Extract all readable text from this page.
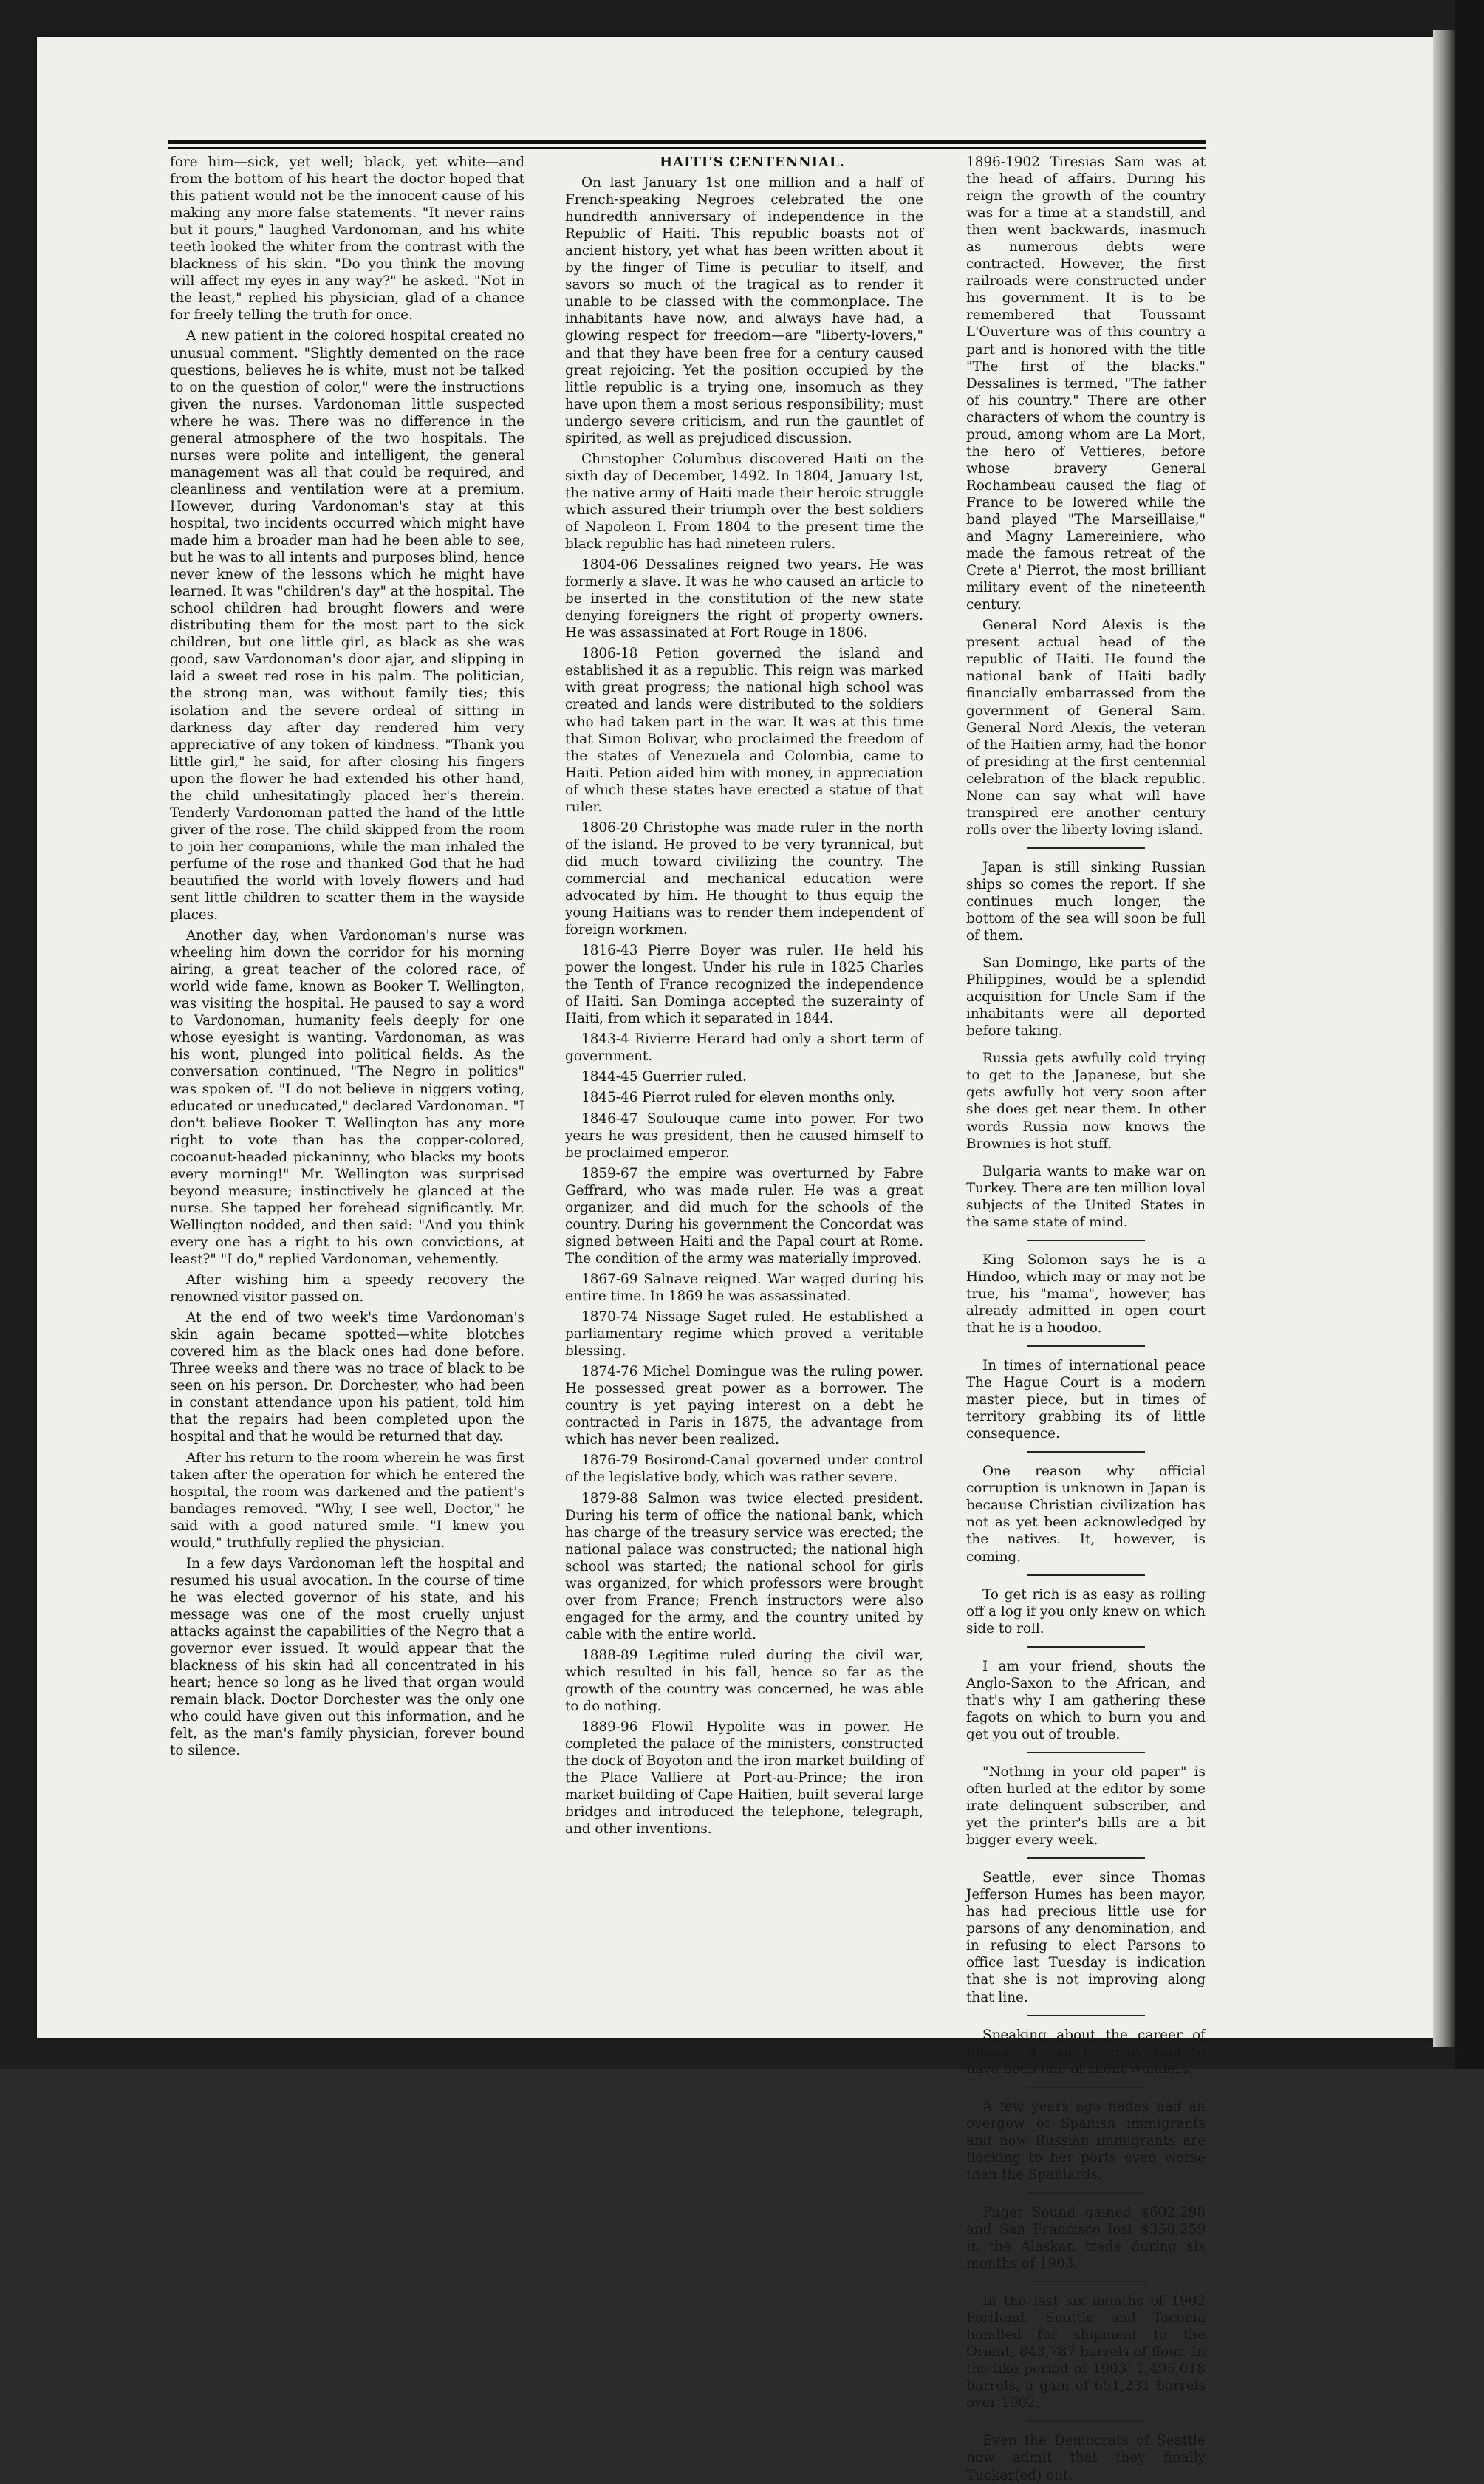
fore him—sick, yet well; black, yet white—and from the bottom of his heart the doctor hoped that this patient would not be the innocent cause of his making any more false statements. "It never rains but it pours," laughed Vardonoman, and his white teeth looked the whiter from the contrast with the blackness of his skin. "Do you think the moving will affect my eyes in any way?" he asked. "Not in the least," replied his physician, glad of a chance for freely telling the truth for once.

A new patient in the colored hospital created no unusual comment. "Slightly demented on the race questions, believes he is white, must not be talked to on the question of color," were the instructions given the nurses. Vardonoman little suspected where he was. There was no difference in the general atmosphere of the two hospitals. The nurses were polite and intelligent, the general management was all that could be required, and cleanliness and ventilation were at a premium. However, during Vardonoman's stay at this hospital, two incidents occurred which might have made him a broader man had he been able to see, but he was to all intents and purposes blind, hence never knew of the lessons which he might have learned. It was "children's day" at the hospital. The school children had brought flowers and were distributing them for the most part to the sick children, but one little girl, as black as she was good, saw Vardonoman's door ajar, and slipping in laid a sweet red rose in his palm. The politician, the strong man, was without family ties; this isolation and the severe ordeal of sitting in darkness day after day rendered him very appreciative of any token of kindness. "Thank you little girl," he said, for after closing his fingers upon the flower he had extended his other hand, the child unhesitatingly placed her's therein. Tenderly Vardonoman patted the hand of the little giver of the rose. The child skipped from the room to join her companions, while the man inhaled the perfume of the rose and thanked God that he had beautified the world with lovely flowers and had sent little children to scatter them in the wayside places.

Another day, when Vardonoman's nurse was wheeling him down the corridor for his morning airing, a great teacher of the colored race, of world wide fame, known as Booker T. Wellington, was visiting the hospital. He paused to say a word to Vardonoman, humanity feels deeply for one whose eyesight is wanting. Vardonoman, as was his wont, plunged into political fields. As the conversation continued, "The Negro in politics" was spoken of. "I do not believe in niggers voting, educated or uneducated," declared Vardonoman. "I don't believe Booker T. Wellington has any more right to vote than has the copper-colored, cocoanut-headed pickaninny, who blacks my boots every morning!" Mr. Wellington was surprised beyond measure; instinctively he glanced at the nurse. She tapped her forehead significantly. Mr. Wellington nodded, and then said: "And you think every one has a right to his own convictions, at least?" "I do," replied Vardonoman, vehemently.

After wishing him a speedy recovery the renowned visitor passed on.

At the end of two week's time Vardonoman's skin again became spotted—white blotches covered him as the black ones had done before. Three weeks and there was no trace of black to be seen on his person. Dr. Dorchester, who had been in constant attendance upon his patient, told him that the repairs had been completed upon the hospital and that he would be returned that day.

After his return to the room wherein he was first taken after the operation for which he entered the hospital, the room was darkened and the patient's bandages removed. "Why, I see well, Doctor," he said with a good natured smile. "I knew you would," truthfully replied the physician.

In a few days Vardonoman left the hospital and resumed his usual avocation. In the course of time he was elected governor of his state, and his message was one of the most cruelly unjust attacks against the capabilities of the Negro that a governor ever issued. It would appear that the blackness of his skin had all concentrated in his heart; hence so long as he lived that organ would remain black. Doctor Dorchester was the only one who could have given out this information, and he felt, as the man's family physician, forever bound to silence.

HAITI'S CENTENNIAL.

On last January 1st one million and a half of French-speaking Negroes celebrated the one hundredth anniversary of independence in the Republic of Haiti. This republic boasts not of ancient history, yet what has been written about it by the finger of Time is peculiar to itself, and savors so much of the tragical as to render it unable to be classed with the commonplace. The inhabitants have now, and always have had, a glowing respect for freedom—are "liberty-lovers," and that they have been free for a century caused great rejoicing. Yet the position occupied by the little republic is a trying one, insomuch as they have upon them a most serious responsibility; must undergo severe criticism, and run the gauntlet of spirited, as well as prejudiced discussion.

Christopher Columbus discovered Haiti on the sixth day of December, 1492. In 1804, January 1st, the native army of Haiti made their heroic struggle which assured their triumph over the best soldiers of Napoleon I. From 1804 to the present time the black republic has had nineteen rulers.

1804-06 Dessalines reigned two years. He was formerly a slave. It was he who caused an article to be inserted in the constitution of the new state denying foreigners the right of property owners. He was assassinated at Fort Rouge in 1806.

1806-18 Petion governed the island and established it as a republic. This reign was marked with great progress; the national high school was created and lands were distributed to the soldiers who had taken part in the war. It was at this time that Simon Bolivar, who proclaimed the freedom of the states of Venezuela and Colombia, came to Haiti. Petion aided him with money, in appreciation of which these states have erected a statue of that ruler.

1806-20 Christophe was made ruler in the north of the island. He proved to be very tyrannical, but did much toward civilizing the country. The commercial and mechanical education were advocated by him. He thought to thus equip the young Haitians was to render them independent of foreign workmen.

1816-43 Pierre Boyer was ruler. He held his power the longest. Under his rule in 1825 Charles the Tenth of France recognized the independence of Haiti. San Dominga accepted the suzerainty of Haiti, from which it separated in 1844.

1843-4 Rivierre Herard had only a short term of government.

1844-45 Guerrier ruled.

1845-46 Pierrot ruled for eleven months only.

1846-47 Soulouque came into power. For two years he was president, then he caused himself to be proclaimed emperor.

1859-67 the empire was overturned by Fabre Geffrard, who was made ruler. He was a great organizer, and did much for the schools of the country. During his government the Concordat was signed between Haiti and the Papal court at Rome. The condition of the army was materially improved.

1867-69 Salnave reigned. War waged during his entire time. In 1869 he was assassinated.

1870-74 Nissage Saget ruled. He established a parliamentary regime which proved a veritable blessing.

1874-76 Michel Domingue was the ruling power. He possessed great power as a borrower. The country is yet paying interest on a debt he contracted in Paris in 1875, the advantage from which has never been realized.

1876-79 Bosirond-Canal governed under control of the legislative body, which was rather severe.

1879-88 Salmon was twice elected president. During his term of office the national bank, which has charge of the treasury service was erected; the national palace was constructed; the national high school was started; the national school for girls was organized, for which professors were brought over from France; French instructors were also engaged for the army, and the country united by cable with the entire world.

1888-89 Legitime ruled during the civil war, which resulted in his fall, hence so far as the growth of the country was concerned, he was able to do nothing.

1889-96 Flowil Hypolite was in power. He completed the palace of the ministers, constructed the dock of Boyoton and the iron market building of the Place Valliere at Port-au-Prince; the iron market building of Cape Haitien, built several large bridges and introduced the telephone, telegraph, and other inventions.

1896-1902 Tiresias Sam was at the head of affairs. During his reign the growth of the country was for a time at a standstill, and then went backwards, inasmuch as numerous debts were contracted. However, the first railroads were constructed under his government. It is to be remembered that Toussaint L'Ouverture was of this country a part and is honored with the title "The first of the blacks." Dessalines is termed, "The father of his country." There are other characters of whom the country is proud, among whom are La Mort, the hero of Vettieres, before whose bravery General Rochambeau caused the flag of France to be lowered while the band played "The Marseillaise," and Magny Lamereiniere, who made the famous retreat of the Crete a' Pierrot, the most brilliant military event of the nineteenth century.

General Nord Alexis is the present actual head of the republic of Haiti. He found the national bank of Haiti badly financially embarrassed from the government of General Sam. General Nord Alexis, the veteran of the Haitien army, had the honor of presiding at the first centennial celebration of the black republic. None can say what will have transpired ere another century rolls over the liberty loving island.

Japan is still sinking Russian ships so comes the report. If she continues much longer, the bottom of the sea will soon be full of them.

San Domingo, like parts of the Philippines, would be a splendid acquisition for Uncle Sam if the inhabitants were all deported before taking.

Russia gets awfully cold trying to get to the Japanese, but she gets awfully hot very soon after she does get near them. In other words Russia now knows the Brownies is hot stuff.

Bulgaria wants to make war on Turkey. There are ten million loyal subjects of the United States in the same state of mind.

King Solomon says he is a Hindoo, which may or may not be true, his "mama", however, has already admitted in open court that he is a hoodoo.

In times of international peace The Hague Court is a modern master piece, but in times of territory grabbing its of little consequence.

One reason why official corruption is unknown in Japan is because Christian civilization has not as yet been acknowledged by the natives. It, however, is coming.

To get rich is as easy as rolling off a log if you only knew on which side to roll.

I am your friend, shouts the Anglo-Saxon to the African, and that's why I am gathering these fagots on which to burn you and get you out of trouble.

"Nothing in your old paper" is often hurled at the editor by some irate delinquent subscriber, and yet the printer's bills are a bit bigger every week.

Seattle, ever since Thomas Jefferson Humes has been mayor, has had precious little use for parsons of any denomination, and in refusing to elect Parsons to office last Tuesday is indication that she is not improving along that line.

Speaking about the career of Edison, it can be truly said to have been one of silent wonders.

A few years ago hades had an overgow of Spanish immigrants and now Russian immigrants are flocking to her ports even worse than the Spaniards.

Puget Sound gained $602,298 and San Francisco lost $350,259 in the Alaskan trade during six months of 1903.

In the last six months of 1902 Portland, Seattle and Tacoma handled for shipment to the Orient, 843,787 barrels of flour. In the like period of 1903, 1,495,018 barrels, a gain of 651,231 barrels over 1902.

Even the Democrats of Seattle now admit that they finally Tucker(ed) out.
